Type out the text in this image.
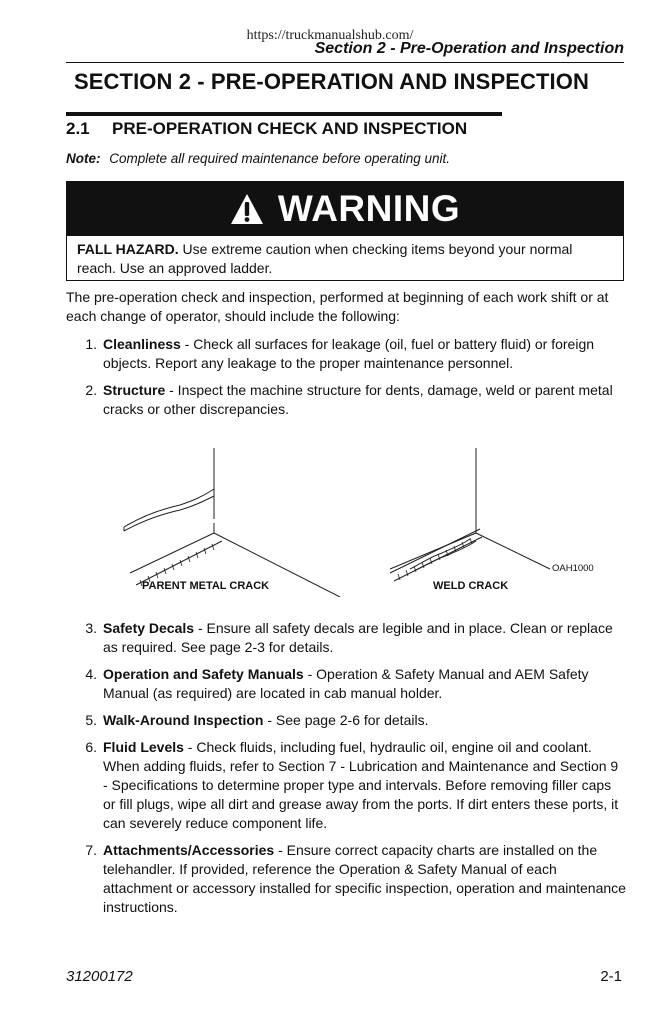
https://truckmanualshub.com/
Section 2 - Pre-Operation and Inspection
SECTION 2 - PRE-OPERATION AND INSPECTION
2.1 PRE-OPERATION CHECK AND INSPECTION
Note: Complete all required maintenance before operating unit.
WARNING
FALL HAZARD. Use extreme caution when checking items beyond your normal reach. Use an approved ladder.
The pre-operation check and inspection, performed at beginning of each work shift or at each change of operator, should include the following:
1. Cleanliness - Check all surfaces for leakage (oil, fuel or battery fluid) or foreign objects. Report any leakage to the proper maintenance personnel.
2. Structure - Inspect the machine structure for dents, damage, weld or parent metal cracks or other discrepancies.
PARENT METAL CRACK	WELD CRACK
OAH1000
3. Safety Decals - Ensure all safety decals are legible and in place. Clean or replace as required. See page 2-3 for details.
4. Operation and Safety Manuals - Operation & Safety Manual and AEM Safety Manual (as required) are located in cab manual holder.
5. Walk-Around Inspection - See page 2-6 for details.
6. Fluid Levels - Check fluids, including fuel, hydraulic oil, engine oil and coolant. When adding fluids, refer to Section 7 - Lubrication and Maintenance and Section 9 - Specifications to determine proper type and intervals. Before removing filler caps or fill plugs, wipe all dirt and grease away from the ports. If dirt enters these ports, it can severely reduce component life.
7. Attachments/Accessories - Ensure correct capacity charts are installed on the telehandler. If provided, reference the Operation & Safety Manual of each attachment or accessory installed for specific inspection, operation and maintenance instructions.
31200172	2-1
